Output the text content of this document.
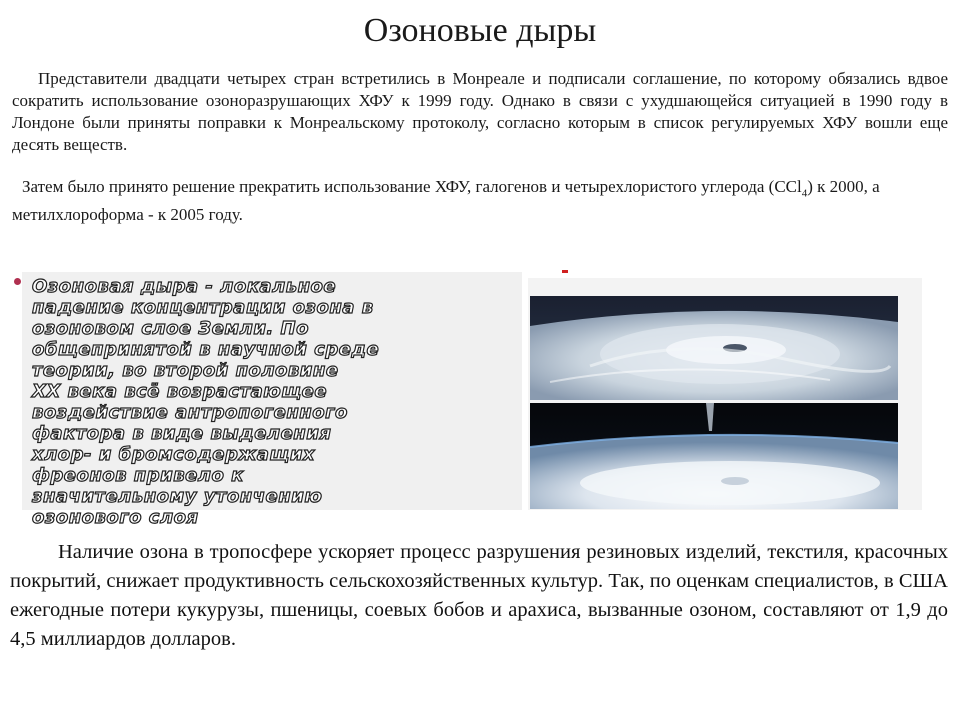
Озоновые дыры
Представители двадцати четырех стран встретились в Монреале и подписали соглашение, по которому обязались вдвое сократить использование озоноразрушающих ХФУ к 1999 году. Однако в связи с ухудшающейся ситуацией в 1990 году в Лондоне были приняты поправки к Монреальскому протоколу, согласно которым в список регулируемых ХФУ вошли еще десять веществ.
Затем было принято решение прекратить использование ХФУ, галогенов и четырехлористого углерода (CCl$_4$) к 2000, а метилхлороформа - к 2005 году.
Озоновая дыра - локальное
падение концентрации озона в
озоновом слое Земли. По
общепринятой в научной среде
теории, во второй половине
XX века всё возрастающее
воздействие антропогенного
фактора в виде выделения
хлор- и бромсодержащих
фреонов привело к
значительному утончению
озонового слоя
Наличие озона в тропосфере ускоряет процесс разрушения резиновых изделий, текстиля, красочных покрытий, снижает продуктивность сельскохозяйственных культур. Так, по оценкам специалистов, в США ежегодные потери кукурузы, пшеницы, соевых бобов и арахиса, вызванные озоном, составляют от 1,9 до 4,5 миллиардов долларов.
